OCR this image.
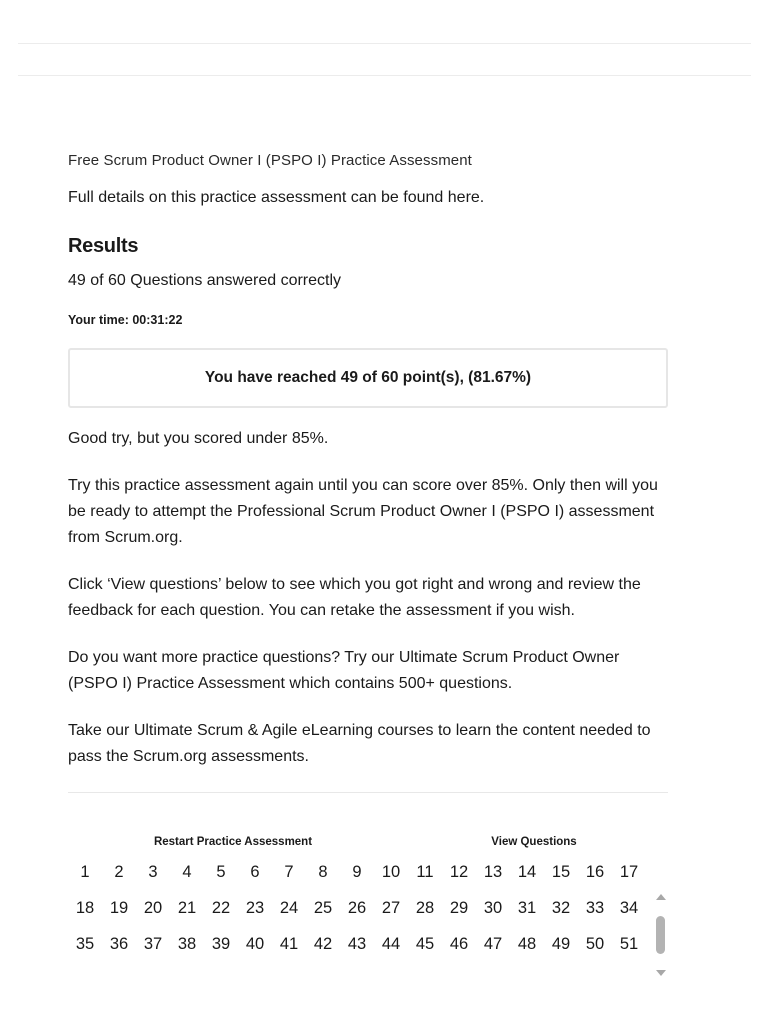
Free Scrum Product Owner I (PSPO I) Practice Assessment

Full details on this practice assessment can be found here.

Results

49 of 60 Questions answered correctly

Your time: 00:31:22

You have reached 49 of 60 point(s), (81.67%)

Good try, but you scored under 85%.

Try this practice assessment again until you can score over 85%. Only then will you be ready to attempt the Professional Scrum Product Owner I (PSPO I) assessment from Scrum.org.

Click ‘View questions’ below to see which you got right and wrong and review the feedback for each question. You can retake the assessment if you wish.

Do you want more practice questions? Try our Ultimate Scrum Product Owner (PSPO I) Practice Assessment which contains 500+ questions.

Take our Ultimate Scrum & Agile eLearning courses to learn the content needed to pass the Scrum.org assessments.

Restart Practice Assessment	View Questions
1	2	3	4	5	6	7	8	9	10 11 12 13 14 15 16 17
18 19 20 21 22 23 24 25 26 27 28 29 30 31 32 33 34
35 36 37 38 39 40 41 42 43 44 45 46 47 48 49 50 51
